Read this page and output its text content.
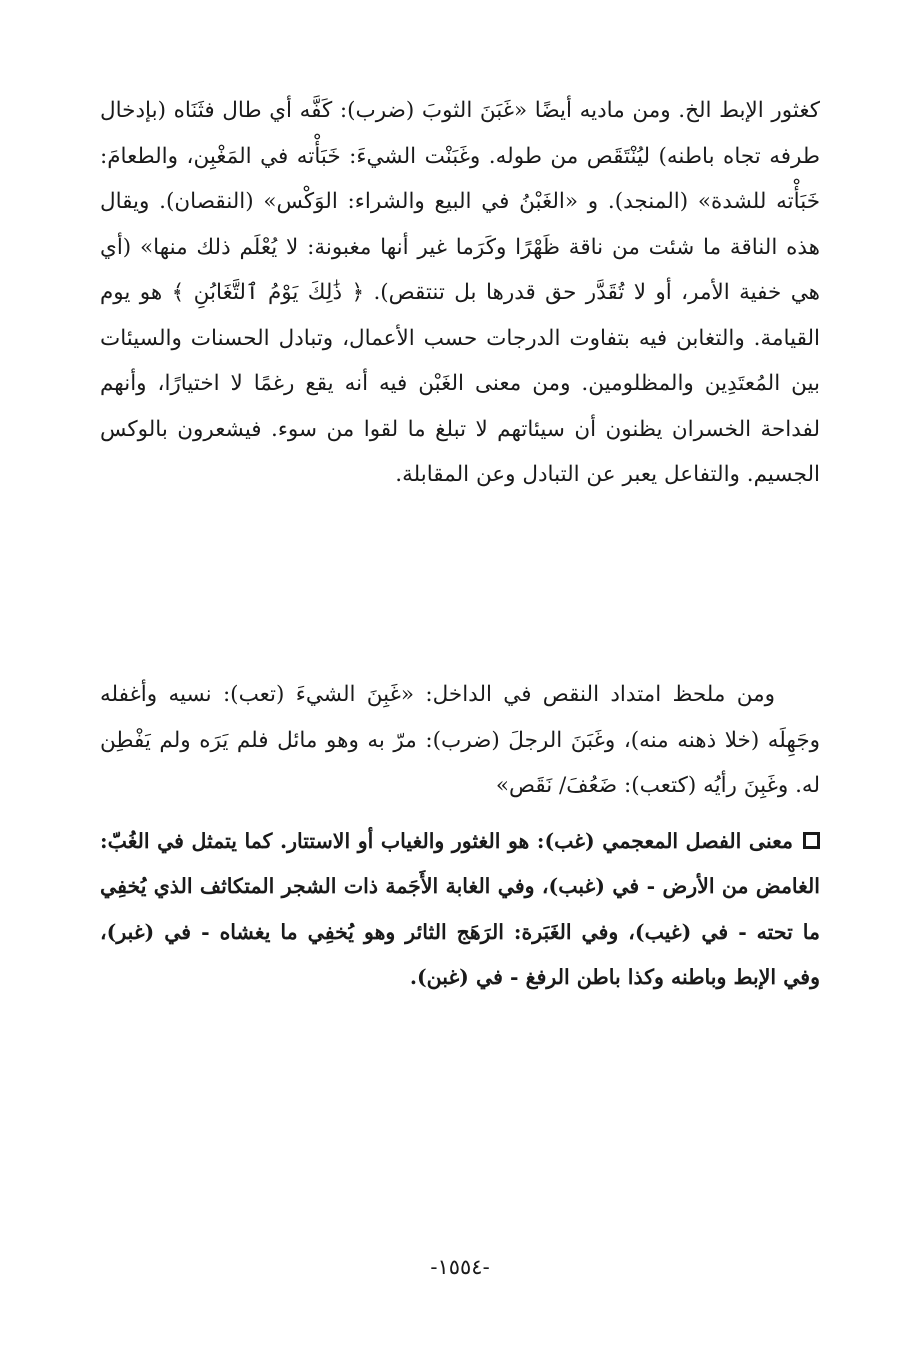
كغثور الإبط الخ. ومن ماديه أيضًا «غَبَنَ الثوبَ (ضرب): كَفَّه أي طال فثَنَاه (بإدخال طرفه تجاه باطنه) ليُنْتَقَص من طوله. وغَبَنْت الشيءَ: خَبَأْته في المَغْبِن، والطعامَ: خَبَأْته للشدة» (المنجد). و «الغَبْنُ في البيع والشراء: الوَكْس» (النقصان). ويقال هذه الناقة ما شئت من ناقة ظَهْرًا وكَرَما غير أنها مغبونة: لا يُعْلَم ذلك منها» (أي هي خفية الأمر، أو لا تُقَدَّر حق قدرها بل تنتقص). ﴿ ذَٰلِكَ يَوْمُ ٱلتَّغَابُنِ ﴾ هو يوم القيامة. والتغابن فيه بتفاوت الدرجات حسب الأعمال، وتبادل الحسنات والسيئات بين المُعتَدِين والمظلومين. ومن معنى الغَبْن فيه أنه يقع رغمًا لا اختيارًا، وأنهم لفداحة الخسران يظنون أن سيئاتهم لا تبلغ ما لقوا من سوء. فيشعرون بالوكس الجسيم. والتفاعل يعبر عن التبادل وعن المقابلة.

ومن ملحظ امتداد النقص في الداخل: «غَبِنَ الشيءَ (تعب): نسيه وأغفله وجَهِلَه (خلا ذهنه منه)، وغَبَنَ الرجلَ (ضرب): مرّ به وهو مائل فلم يَرَه ولم يَفْطِن له. وغَبِنَ رأيُه (كتعب): ضَعُفَ/ نَقَص»

معنى الفصل المعجمي (غب): هو الغثور والغياب أو الاستتار. كما يتمثل في الغُبّ: الغامض من الأرض - في (غبب)، وفي الغابة الأَجَمة ذات الشجر المتكاثف الذي يُخفِي ما تحته - في (غيب)، وفي الغَبَرة: الرَهَج الثائر وهو يُخفِي ما يغشاه - في (غبر)، وفي الإبط وباطنه وكذا باطن الرفغ - في (غبن).

-١٥٥٤-
